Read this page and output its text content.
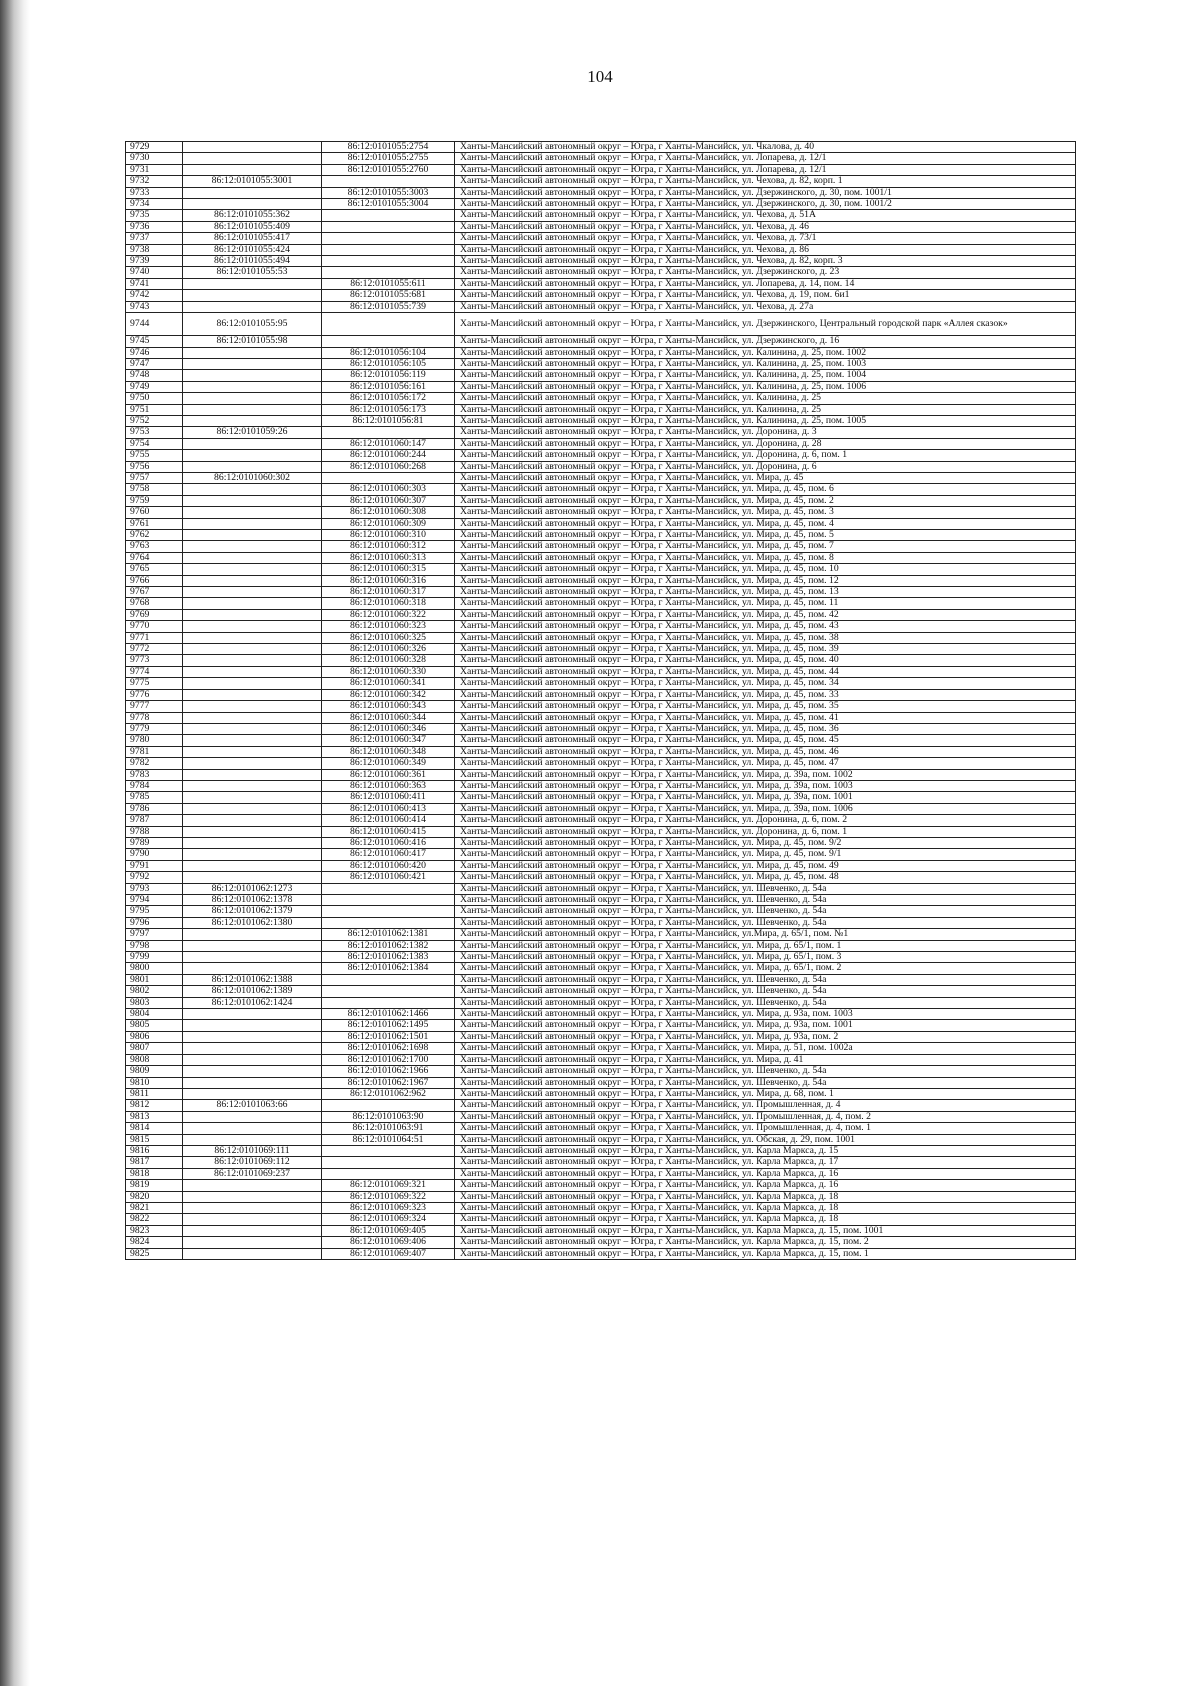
104
9729		86:12:0101055:2754	Ханты-Мансийский автономный округ – Югра, г Ханты-Мансийск, ул. Чкалова, д. 40
9730		86:12:0101055:2755	Ханты-Мансийский автономный округ – Югра, г Ханты-Мансийск, ул. Лопарева, д. 12/1
9731		86:12:0101055:2760	Ханты-Мансийский автономный округ – Югра, г Ханты-Мансийск, ул. Лопарева, д. 12/1
9732	86:12:0101055:3001		Ханты-Мансийский автономный округ – Югра, г Ханты-Мансийск, ул. Чехова, д. 82, корп. 1
9733		86:12:0101055:3003	Ханты-Мансийский автономный округ – Югра, г Ханты-Мансийск, ул. Дзержинского, д. 30, пом. 1001/1
9734		86:12:0101055:3004	Ханты-Мансийский автономный округ – Югра, г Ханты-Мансийск, ул. Дзержинского, д. 30, пом. 1001/2
9735	86:12:0101055:362		Ханты-Мансийский автономный округ – Югра, г Ханты-Мансийск, ул. Чехова, д. 51А
9736	86:12:0101055:409		Ханты-Мансийский автономный округ – Югра, г Ханты-Мансийск, ул. Чехова, д. 46
9737	86:12:0101055:417		Ханты-Мансийский автономный округ – Югра, г Ханты-Мансийск, ул. Чехова, д. 73/1
9738	86:12:0101055:424		Ханты-Мансийский автономный округ – Югра, г Ханты-Мансийск, ул. Чехова, д. 86
9739	86:12:0101055:494		Ханты-Мансийский автономный округ – Югра, г Ханты-Мансийск, ул. Чехова, д. 82, корп. 3
9740	86:12:0101055:53		Ханты-Мансийский автономный округ – Югра, г Ханты-Мансийск, ул. Дзержинского, д. 23
9741		86:12:0101055:611	Ханты-Мансийский автономный округ – Югра, г Ханты-Мансийск, ул. Лопарева, д. 14, пом. 14
9742		86:12:0101055:681	Ханты-Мансийский автономный округ – Югра, г Ханты-Мансийск, ул. Чехова, д. 19, пом. 6и1
9743		86:12:0101055:739	Ханты-Мансийский автономный округ – Югра, г Ханты-Мансийск, ул. Чехова, д. 27а
9744	86:12:0101055:95		Ханты-Мансийский автономный округ – Югра, г Ханты-Мансийск, ул. Дзержинского, Центральный городской парк «Аллея сказок»
9745	86:12:0101055:98		Ханты-Мансийский автономный округ – Югра, г Ханты-Мансийск, ул. Дзержинского, д. 16
9746		86:12:0101056:104	Ханты-Мансийский автономный округ – Югра, г Ханты-Мансийск, ул. Калинина, д. 25, пом. 1002
9747		86:12:0101056:105	Ханты-Мансийский автономный округ – Югра, г Ханты-Мансийск, ул. Калинина, д. 25, пом. 1003
9748		86:12:0101056:119	Ханты-Мансийский автономный округ – Югра, г Ханты-Мансийск, ул. Калинина, д. 25, пом. 1004
9749		86:12:0101056:161	Ханты-Мансийский автономный округ – Югра, г Ханты-Мансийск, ул. Калинина, д. 25, пом. 1006
9750		86:12:0101056:172	Ханты-Мансийский автономный округ – Югра, г Ханты-Мансийск, ул. Калинина, д. 25
9751		86:12:0101056:173	Ханты-Мансийский автономный округ – Югра, г Ханты-Мансийск, ул. Калинина, д. 25
9752		86:12:0101056:81	Ханты-Мансийский автономный округ – Югра, г Ханты-Мансийск, ул. Калинина, д. 25, пом. 1005
9753	86:12:0101059:26		Ханты-Мансийский автономный округ – Югра, г Ханты-Мансийск, ул. Доронина, д. 3
9754		86:12:0101060:147	Ханты-Мансийский автономный округ – Югра, г Ханты-Мансийск, ул. Доронина, д. 28
9755		86:12:0101060:244	Ханты-Мансийский автономный округ – Югра, г Ханты-Мансийск, ул. Доронина, д. 6, пом. 1
9756		86:12:0101060:268	Ханты-Мансийский автономный округ – Югра, г Ханты-Мансийск, ул. Доронина, д. 6
9757	86:12:0101060:302		Ханты-Мансийский автономный округ – Югра, г Ханты-Мансийск, ул. Мира, д. 45
9758		86:12:0101060:303	Ханты-Мансийский автономный округ – Югра, г Ханты-Мансийск, ул. Мира, д. 45, пом. 6
9759		86:12:0101060:307	Ханты-Мансийский автономный округ – Югра, г Ханты-Мансийск, ул. Мира, д. 45, пом. 2
9760		86:12:0101060:308	Ханты-Мансийский автономный округ – Югра, г Ханты-Мансийск, ул. Мира, д. 45, пом. 3
9761		86:12:0101060:309	Ханты-Мансийский автономный округ – Югра, г Ханты-Мансийск, ул. Мира, д. 45, пом. 4
9762		86:12:0101060:310	Ханты-Мансийский автономный округ – Югра, г Ханты-Мансийск, ул. Мира, д. 45, пом. 5
9763		86:12:0101060:312	Ханты-Мансийский автономный округ – Югра, г Ханты-Мансийск, ул. Мира, д. 45, пом. 7
9764		86:12:0101060:313	Ханты-Мансийский автономный округ – Югра, г Ханты-Мансийск, ул. Мира, д. 45, пом. 8
9765		86:12:0101060:315	Ханты-Мансийский автономный округ – Югра, г Ханты-Мансийск, ул. Мира, д. 45, пом. 10
9766		86:12:0101060:316	Ханты-Мансийский автономный округ – Югра, г Ханты-Мансийск, ул. Мира, д. 45, пом. 12
9767		86:12:0101060:317	Ханты-Мансийский автономный округ – Югра, г Ханты-Мансийск, ул. Мира, д. 45, пом. 13
9768		86:12:0101060:318	Ханты-Мансийский автономный округ – Югра, г Ханты-Мансийск, ул. Мира, д. 45, пом. 11
9769		86:12:0101060:322	Ханты-Мансийский автономный округ – Югра, г Ханты-Мансийск, ул. Мира, д. 45, пом. 42
9770		86:12:0101060:323	Ханты-Мансийский автономный округ – Югра, г Ханты-Мансийск, ул. Мира, д. 45, пом. 43
9771		86:12:0101060:325	Ханты-Мансийский автономный округ – Югра, г Ханты-Мансийск, ул. Мира, д. 45, пом. 38
9772		86:12:0101060:326	Ханты-Мансийский автономный округ – Югра, г Ханты-Мансийск, ул. Мира, д. 45, пом. 39
9773		86:12:0101060:328	Ханты-Мансийский автономный округ – Югра, г Ханты-Мансийск, ул. Мира, д. 45, пом. 40
9774		86:12:0101060:330	Ханты-Мансийский автономный округ – Югра, г Ханты-Мансийск, ул. Мира, д. 45, пом. 44
9775		86:12:0101060:341	Ханты-Мансийский автономный округ – Югра, г Ханты-Мансийск, ул. Мира, д. 45, пом. 34
9776		86:12:0101060:342	Ханты-Мансийский автономный округ – Югра, г Ханты-Мансийск, ул. Мира, д. 45, пом. 33
9777		86:12:0101060:343	Ханты-Мансийский автономный округ – Югра, г Ханты-Мансийск, ул. Мира, д. 45, пом. 35
9778		86:12:0101060:344	Ханты-Мансийский автономный округ – Югра, г Ханты-Мансийск, ул. Мира, д. 45, пом. 41
9779		86:12:0101060:346	Ханты-Мансийский автономный округ – Югра, г Ханты-Мансийск, ул. Мира, д. 45, пом. 36
9780		86:12:0101060:347	Ханты-Мансийский автономный округ – Югра, г Ханты-Мансийск, ул. Мира, д. 45, пом. 45
9781		86:12:0101060:348	Ханты-Мансийский автономный округ – Югра, г Ханты-Мансийск, ул. Мира, д. 45, пом. 46
9782		86:12:0101060:349	Ханты-Мансийский автономный округ – Югра, г Ханты-Мансийск, ул. Мира, д. 45, пом. 47
9783		86:12:0101060:361	Ханты-Мансийский автономный округ – Югра, г Ханты-Мансийск, ул. Мира, д. 39а, пом. 1002
9784		86:12:0101060:363	Ханты-Мансийский автономный округ – Югра, г Ханты-Мансийск, ул. Мира, д. 39а, пом. 1003
9785		86:12:0101060:411	Ханты-Мансийский автономный округ – Югра, г Ханты-Мансийск, ул. Мира, д. 39а, пом. 1001
9786		86:12:0101060:413	Ханты-Мансийский автономный округ – Югра, г Ханты-Мансийск, ул. Мира, д. 39а, пом. 1006
9787		86:12:0101060:414	Ханты-Мансийский автономный округ – Югра, г Ханты-Мансийск, ул. Доронина, д. 6, пом. 2
9788		86:12:0101060:415	Ханты-Мансийский автономный округ – Югра, г Ханты-Мансийск, ул. Доронина, д. 6, пом. 1
9789		86:12:0101060:416	Ханты-Мансийский автономный округ – Югра, г Ханты-Мансийск, ул. Мира, д. 45, пом. 9/2
9790		86:12:0101060:417	Ханты-Мансийский автономный округ – Югра, г Ханты-Мансийск, ул. Мира, д. 45, пом. 9/1
9791		86:12:0101060:420	Ханты-Мансийский автономный округ – Югра, г Ханты-Мансийск, ул. Мира, д. 45, пом. 49
9792		86:12:0101060:421	Ханты-Мансийский автономный округ – Югра, г Ханты-Мансийск, ул. Мира, д. 45, пом. 48
9793	86:12:0101062:1273		Ханты-Мансийский автономный округ – Югра, г Ханты-Мансийск, ул. Шевченко, д. 54а
9794	86:12:0101062:1378		Ханты-Мансийский автономный округ – Югра, г Ханты-Мансийск, ул. Шевченко, д. 54а
9795	86:12:0101062:1379		Ханты-Мансийский автономный округ – Югра, г Ханты-Мансийск, ул. Шевченко, д. 54а
9796	86:12:0101062:1380		Ханты-Мансийский автономный округ – Югра, г Ханты-Мансийск, ул. Шевченко, д. 54а
9797		86:12:0101062:1381	Ханты-Мансийский автономный округ – Югра, г Ханты-Мансийск, ул.Мира, д. 65/1, пом. №1
9798		86:12:0101062:1382	Ханты-Мансийский автономный округ – Югра, г Ханты-Мансийск, ул. Мира, д. 65/1, пом. 1
9799		86:12:0101062:1383	Ханты-Мансийский автономный округ – Югра, г Ханты-Мансийск, ул. Мира, д. 65/1, пом. 3
9800		86:12:0101062:1384	Ханты-Мансийский автономный округ – Югра, г Ханты-Мансийск, ул. Мира, д. 65/1, пом. 2
9801	86:12:0101062:1388		Ханты-Мансийский автономный округ – Югра, г Ханты-Мансийск, ул. Шевченко, д. 54а
9802	86:12:0101062:1389		Ханты-Мансийский автономный округ – Югра, г Ханты-Мансийск, ул. Шевченко, д. 54а
9803	86:12:0101062:1424		Ханты-Мансийский автономный округ – Югра, г Ханты-Мансийск, ул. Шевченко, д. 54а
9804		86:12:0101062:1466	Ханты-Мансийский автономный округ – Югра, г Ханты-Мансийск, ул. Мира, д. 93а, пом. 1003
9805		86:12:0101062:1495	Ханты-Мансийский автономный округ – Югра, г Ханты-Мансийск, ул. Мира, д. 93а, пом. 1001
9806		86:12:0101062:1501	Ханты-Мансийский автономный округ – Югра, г Ханты-Мансийск, ул. Мира, д. 93а, пом. 2
9807		86:12:0101062:1698	Ханты-Мансийский автономный округ – Югра, г Ханты-Мансийск, ул. Мира, д. 51, пом. 1002а
9808		86:12:0101062:1700	Ханты-Мансийский автономный округ – Югра, г Ханты-Мансийск, ул. Мира, д. 41
9809		86:12:0101062:1966	Ханты-Мансийский автономный округ – Югра, г Ханты-Мансийск, ул. Шевченко, д. 54а
9810		86:12:0101062:1967	Ханты-Мансийский автономный округ – Югра, г Ханты-Мансийск, ул. Шевченко, д. 54а
9811		86:12:0101062:962	Ханты-Мансийский автономный округ – Югра, г Ханты-Мансийск, ул. Мира, д. 68, пом. 1
9812	86:12:0101063:66		Ханты-Мансийский автономный округ – Югра, г Ханты-Мансийск, ул. Промышленная, д. 4
9813		86:12:0101063:90	Ханты-Мансийский автономный округ – Югра, г Ханты-Мансийск, ул. Промышленная, д. 4, пом. 2
9814		86:12:0101063:91	Ханты-Мансийский автономный округ – Югра, г Ханты-Мансийск, ул. Промышленная, д. 4, пом. 1
9815		86:12:0101064:51	Ханты-Мансийский автономный округ – Югра, г Ханты-Мансийск, ул. Обская, д. 29, пом. 1001
9816	86:12:0101069:111		Ханты-Мансийский автономный округ – Югра, г Ханты-Мансийск, ул. Карла Маркса, д. 15
9817	86:12:0101069:112		Ханты-Мансийский автономный округ – Югра, г Ханты-Мансийск, ул. Карла Маркса, д. 17
9818	86:12:0101069:237		Ханты-Мансийский автономный округ – Югра, г Ханты-Мансийск, ул. Карла Маркса, д. 16
9819		86:12:0101069:321	Ханты-Мансийский автономный округ – Югра, г Ханты-Мансийск, ул. Карла Маркса, д. 16
9820		86:12:0101069:322	Ханты-Мансийский автономный округ – Югра, г Ханты-Мансийск, ул. Карла Маркса, д. 18
9821		86:12:0101069:323	Ханты-Мансийский автономный округ – Югра, г Ханты-Мансийск, ул. Карла Маркса, д. 18
9822		86:12:0101069:324	Ханты-Мансийский автономный округ – Югра, г Ханты-Мансийск, ул. Карла Маркса, д. 18
9823		86:12:0101069:405	Ханты-Мансийский автономный округ – Югра, г Ханты-Мансийск, ул. Карла Маркса, д. 15, пом. 1001
9824		86:12:0101069:406	Ханты-Мансийский автономный округ – Югра, г Ханты-Мансийск, ул. Карла Маркса, д. 15, пом. 2
9825		86:12:0101069:407	Ханты-Мансийский автономный округ – Югра, г Ханты-Мансийск, ул. Карла Маркса, д. 15, пом. 1
